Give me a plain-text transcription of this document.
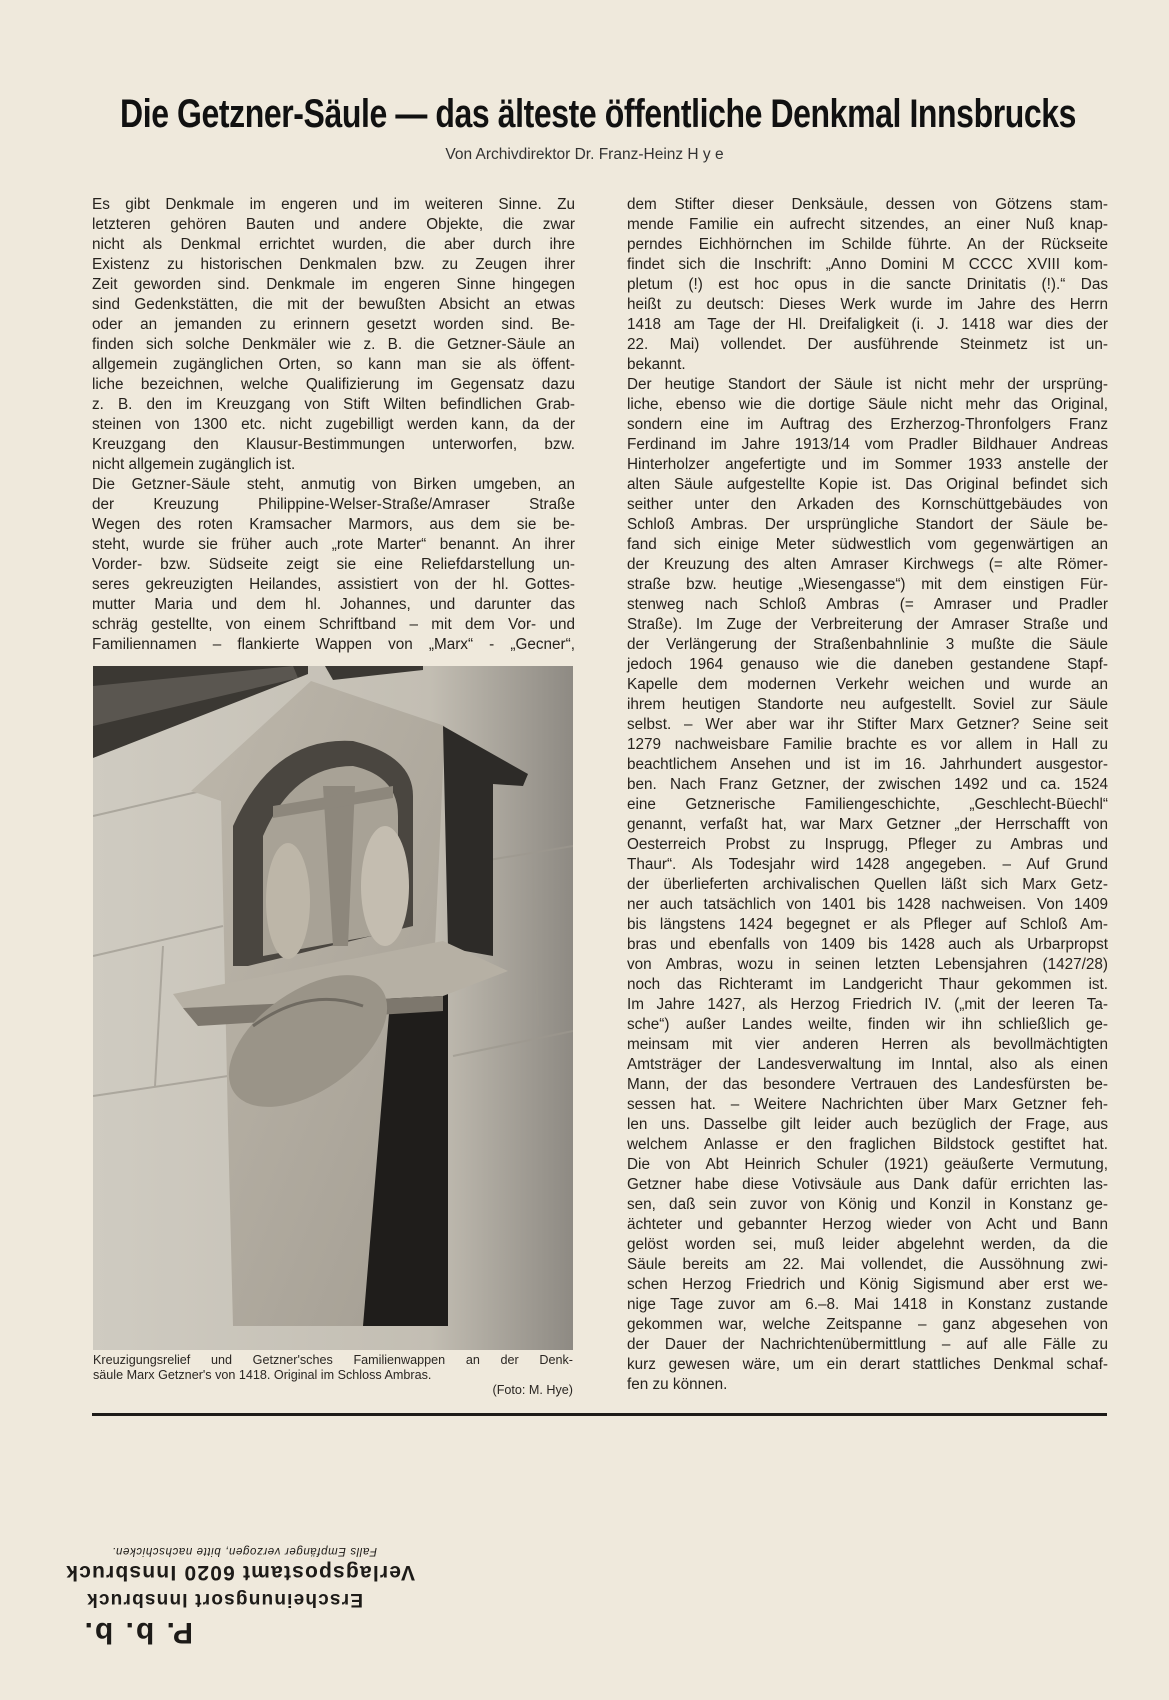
Die Getzner-Säule — das älteste öffentliche Denkmal Innsbrucks
Von Archivdirektor Dr. Franz-Heinz H y e
Es gibt Denkmale im engeren und im weiteren Sinne. Zu
letzteren gehören Bauten und andere Objekte, die zwar
nicht als Denkmal errichtet wurden, die aber durch ihre
Existenz zu historischen Denkmalen bzw. zu Zeugen ihrer
Zeit geworden sind. Denkmale im engeren Sinne hingegen
sind Gedenkstätten, die mit der bewußten Absicht an etwas
oder an jemanden zu erinnern gesetzt worden sind. Be-
finden sich solche Denkmäler wie z. B. die Getzner-Säule an
allgemein zugänglichen Orten, so kann man sie als öffent-
liche bezeichnen, welche Qualifizierung im Gegensatz dazu
z. B. den im Kreuzgang von Stift Wilten befindlichen Grab-
steinen von 1300 etc. nicht zugebilligt werden kann, da der
Kreuzgang den Klausur-Bestimmungen unterworfen, bzw.
nicht allgemein zugänglich ist.
Die Getzner-Säule steht, anmutig von Birken umgeben, an
der Kreuzung Philippine-Welser-Straße/Amraser Straße
Wegen des roten Kramsacher Marmors, aus dem sie be-
steht, wurde sie früher auch „rote Marter“ benannt. An ihrer
Vorder- bzw. Südseite zeigt sie eine Reliefdarstellung un-
seres gekreuzigten Heilandes, assistiert von der hl. Gottes-
mutter Maria und dem hl. Johannes, und darunter das
schräg gestellte, von einem Schriftband – mit dem Vor- und
Familiennamen – flankierte Wappen von „Marx“ - „Gecner“,
dem Stifter dieser Denksäule, dessen von Götzens stam-
mende Familie ein aufrecht sitzendes, an einer Nuß knap-
perndes Eichhörnchen im Schilde führte. An der Rückseite
findet sich die Inschrift: „Anno Domini M CCCC XVIII kom-
pletum (!) est hoc opus in die sancte Drinitatis (!).“ Das
heißt zu deutsch: Dieses Werk wurde im Jahre des Herrn
1418 am Tage der Hl. Dreifaligkeit (i. J. 1418 war dies der
22. Mai) vollendet. Der ausführende Steinmetz ist un-
bekannt.
Der heutige Standort der Säule ist nicht mehr der ursprüng-
liche, ebenso wie die dortige Säule nicht mehr das Original,
sondern eine im Auftrag des Erzherzog-Thronfolgers Franz
Ferdinand im Jahre 1913/14 vom Pradler Bildhauer Andreas
Hinterholzer angefertigte und im Sommer 1933 anstelle der
alten Säule aufgestellte Kopie ist. Das Original befindet sich
seither unter den Arkaden des Kornschüttgebäudes von
Schloß Ambras. Der ursprüngliche Standort der Säule be-
fand sich einige Meter südwestlich vom gegenwärtigen an
der Kreuzung des alten Amraser Kirchwegs (= alte Römer-
straße bzw. heutige „Wiesengasse“) mit dem einstigen Für-
stenweg nach Schloß Ambras (= Amraser und Pradler
Straße). Im Zuge der Verbreiterung der Amraser Straße und
der Verlängerung der Straßenbahnlinie 3 mußte die Säule
jedoch 1964 genauso wie die daneben gestandene Stapf-
Kapelle dem modernen Verkehr weichen und wurde an
ihrem heutigen Standorte neu aufgestellt. Soviel zur Säule
selbst. – Wer aber war ihr Stifter Marx Getzner? Seine seit
1279 nachweisbare Familie brachte es vor allem in Hall zu
beachtlichem Ansehen und ist im 16. Jahrhundert ausgestor-
ben. Nach Franz Getzner, der zwischen 1492 und ca. 1524
eine Getznerische Familiengeschichte, „Geschlecht-Büechl“
genannt, verfaßt hat, war Marx Getzner „der Herrschafft von
Oesterreich Probst zu Insprugg, Pfleger zu Ambras und
Thaur“. Als Todesjahr wird 1428 angegeben. – Auf Grund
der überlieferten archivalischen Quellen läßt sich Marx Getz-
ner auch tatsächlich von 1401 bis 1428 nachweisen. Von 1409
bis längstens 1424 begegnet er als Pfleger auf Schloß Am-
bras und ebenfalls von 1409 bis 1428 auch als Urbarpropst
von Ambras, wozu in seinen letzten Lebensjahren (1427/28)
noch das Richteramt im Landgericht Thaur gekommen ist.
Im Jahre 1427, als Herzog Friedrich IV. („mit der leeren Ta-
sche“) außer Landes weilte, finden wir ihn schließlich ge-
meinsam mit vier anderen Herren als bevollmächtigten
Amtsträger der Landesverwaltung im Inntal, also als einen
Mann, der das besondere Vertrauen des Landesfürsten be-
sessen hat. – Weitere Nachrichten über Marx Getzner feh-
len uns. Dasselbe gilt leider auch bezüglich der Frage, aus
welchem Anlasse er den fraglichen Bildstock gestiftet hat.
Die von Abt Heinrich Schuler (1921) geäußerte Vermutung,
Getzner habe diese Votivsäule aus Dank dafür errichten las-
sen, daß sein zuvor von König und Konzil in Konstanz ge-
ächteter und gebannter Herzog wieder von Acht und Bann
gelöst worden sei, muß leider abgelehnt werden, da die
Säule bereits am 22. Mai vollendet, die Aussöhnung zwi-
schen Herzog Friedrich und König Sigismund aber erst we-
nige Tage zuvor am 6.–8. Mai 1418 in Konstanz zustande
gekommen war, welche Zeitspanne – ganz abgesehen von
der Dauer der Nachrichtenübermittlung – auf alle Fälle zu
kurz gewesen wäre, um ein derart stattliches Denkmal schaf-
fen zu können.
Kreuzigungsrelief und Getzner'sches Familienwappen an der Denk-
säule Marx Getzner's von 1418. Original im Schloss Ambras.
(Foto: M. Hye)
P. b. b.
Erscheinungsort Innsbruck
Verlagspostamt 6020 Innsbruck
Falls Empfänger verzogen, bitte nachschicken.
